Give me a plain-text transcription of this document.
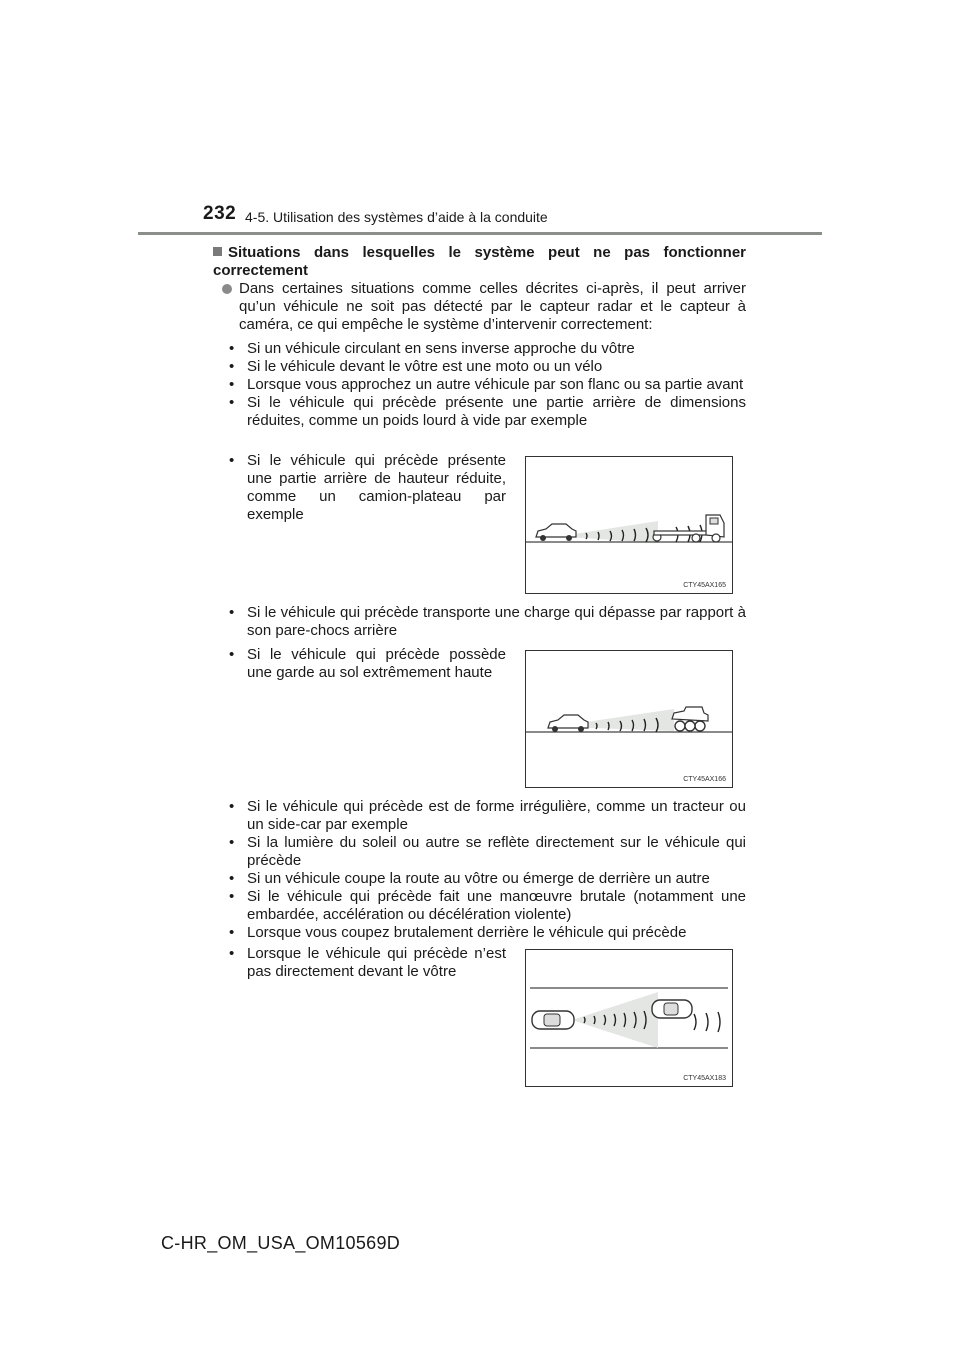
232 4-5. Utilisation des systèmes d’aide à la conduite
Situations dans lesquelles le système peut ne pas fonctionner correctement
Dans certaines situations comme celles décrites ci-après, il peut arriver qu’un véhicule ne soit pas détecté par le capteur radar et le capteur à caméra, ce qui empêche le système d’intervenir correctement:
• Si un véhicule circulant en sens inverse approche du vôtre
• Si le véhicule devant le vôtre est une moto ou un vélo
• Lorsque vous approchez un autre véhicule par son flanc ou sa partie avant
• Si le véhicule qui précède présente une partie arrière de dimensions réduites, comme un poids lourd à vide par exemple
• Si le véhicule qui précède présente une partie arrière de hauteur réduite, comme un camion-plateau par exemple
CTY45AX165
• Si le véhicule qui précède transporte une charge qui dépasse par rapport à son pare-chocs arrière
• Si le véhicule qui précède possède une garde au sol extrêmement haute
CTY45AX166
• Si le véhicule qui précède est de forme irrégulière, comme un tracteur ou un side-car par exemple
• Si la lumière du soleil ou autre se reflète directement sur le véhicule qui précède
• Si un véhicule coupe la route au vôtre ou émerge de derrière un autre
• Si le véhicule qui précède fait une manœuvre brutale (notamment une embardée, accélération ou décélération violente)
• Lorsque vous coupez brutalement derrière le véhicule qui précède
• Lorsque le véhicule qui précède n’est pas directement devant le vôtre
CTY45AX183
C-HR_OM_USA_OM10569D
